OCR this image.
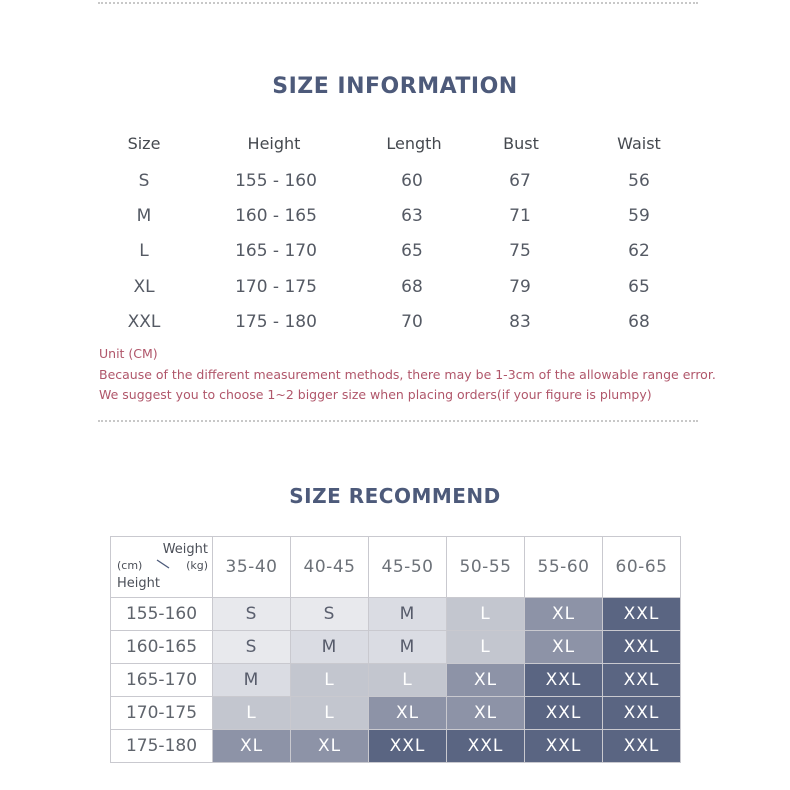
SIZE INFORMATION
Size	Height	Length	Bust	Waist
S	155 - 160	60	67	56
M	160 - 165	63	71	59
L	165 - 170	65	75	62
XL	170 - 175	68	79	65
XXL	175 - 180	70	83	68

Unit (CM)

Because of the different measurement methods, there may be 1-3cm of the allowable range error.

We suggest you to choose 1~2 bigger size when placing orders(if your figure is plumpy)

SIZE RECOMMEND
Weight
(cm) (kg)
Height	35-40	40-45	45-50	50-55	55-60	60-65
155-160	S	S	M	L	XL	XXL
160-165	S	M	M	L	XL	XXL
165-170	M	L	L	XL	XXL	XXL
170-175	L	L	XL	XL	XXL	XXL
175-180	XL	XL	XXL	XXL	XXL	XXL
